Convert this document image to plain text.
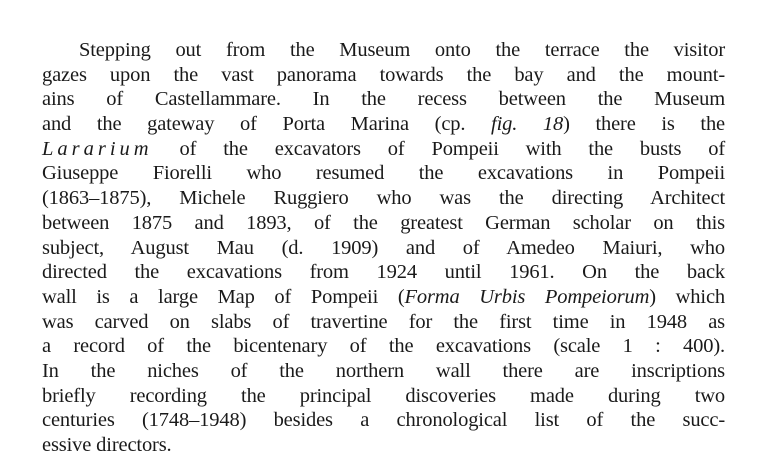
Stepping out from the Museum onto the terrace the visitor
gazes upon the vast panorama towards the bay and the mount-
ains of Castellammare. In the recess between the Museum
and the gateway of Porta Marina (cp. fig. 18) there is the
Lararium of the excavators of Pompeii with the busts of
Giuseppe Fiorelli who resumed the excavations in Pompeii
(1863–1875), Michele Ruggiero who was the directing Architect
between 1875 and 1893, of the greatest German scholar on this
subject, August Mau (d. 1909) and of Amedeo Maiuri, who
directed the excavations from 1924 until 1961. On the back
wall is a large Map of Pompeii (Forma Urbis Pompeiorum) which
was carved on slabs of travertine for the first time in 1948 as
a record of the bicentenary of the excavations (scale 1 : 400).
In the niches of the northern wall there are inscriptions
briefly recording the principal discoveries made during two
centuries (1748–1948) besides a chronological list of the succ-
essive directors.
